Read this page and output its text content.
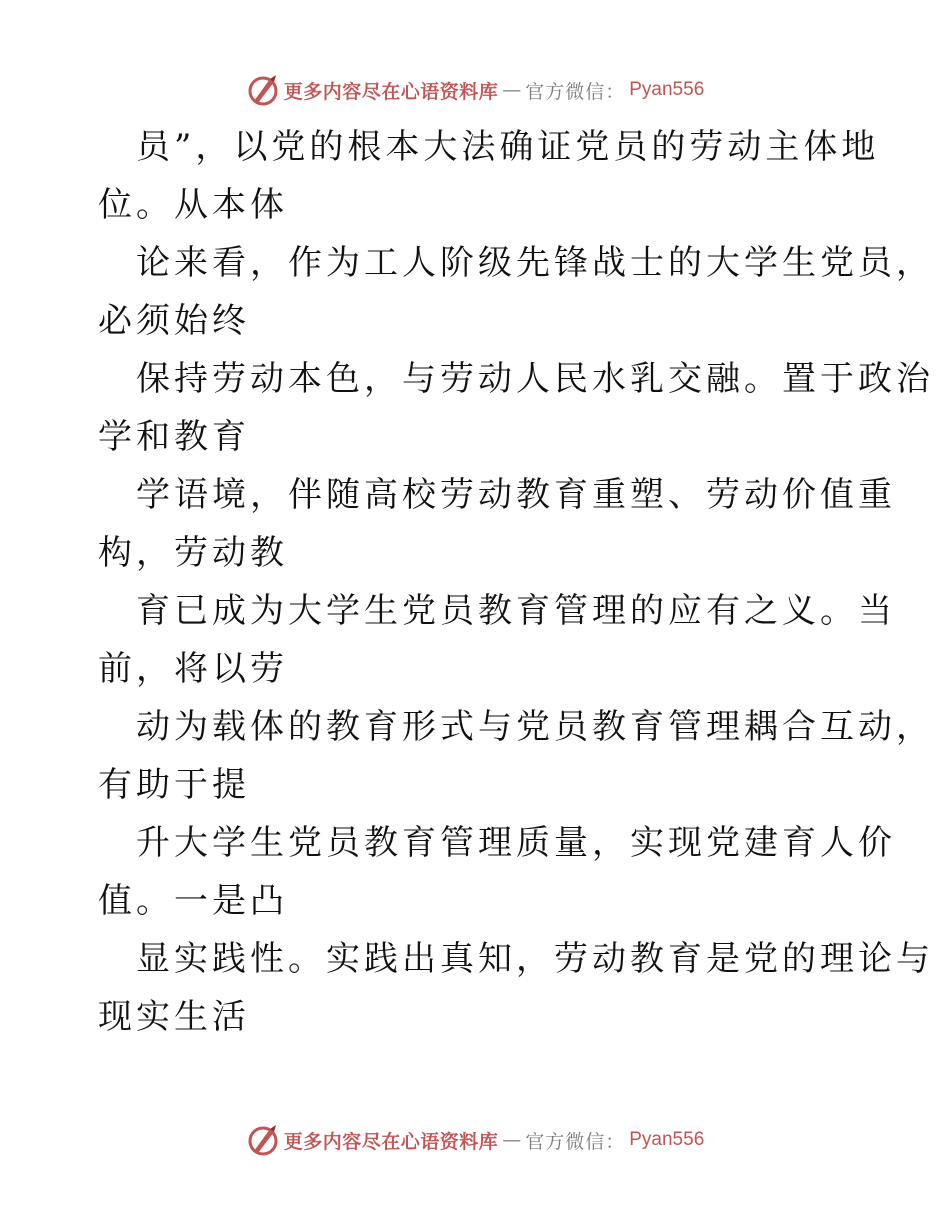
更多内容尽在心语资料库 — 官方微信： Pyan556
员”，以党的根本大法确证党员的劳动主体地
位。从本体
论来看，作为工人阶级先锋战士的大学生党员，
必须始终
保持劳动本色，与劳动人民水乳交融。置于政治
学和教育
学语境，伴随高校劳动教育重塑、劳动价值重
构，劳动教
育已成为大学生党员教育管理的应有之义。当
前，将以劳
动为载体的教育形式与党员教育管理耦合互动，
有助于提
升大学生党员教育管理质量，实现党建育人价
值。一是凸
显实践性。实践出真知，劳动教育是党的理论与
现实生活
更多内容尽在心语资料库 — 官方微信： Pyan556
